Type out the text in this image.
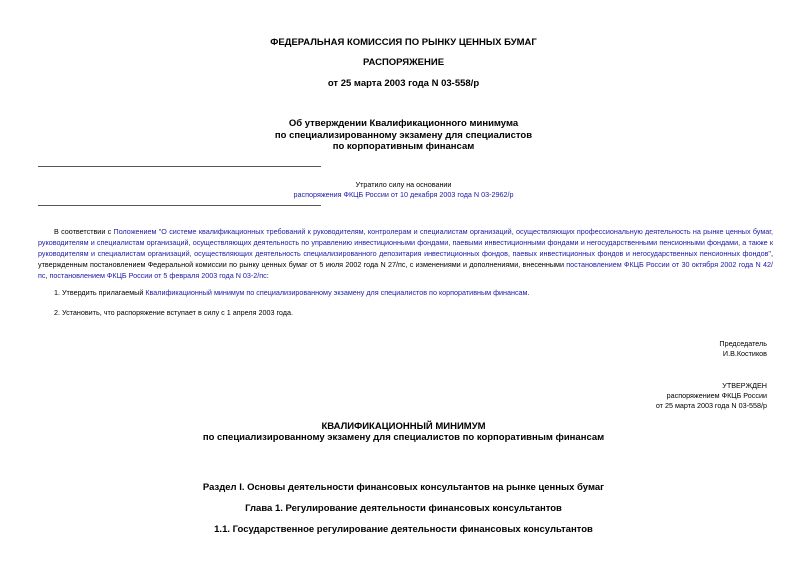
ФЕДЕРАЛЬНАЯ КОМИССИЯ ПО РЫНКУ ЦЕННЫХ БУМАГ
РАСПОРЯЖЕНИЕ
от 25 марта 2003 года N 03-558/р
Об утверждении Квалификационного минимума
по специализированному экзамену для специалистов
по корпоративным финансам
Утратило силу на основании
распоряжения ФКЦБ России от 10 декабря 2003 года N 03-2962/р
В соответствии с Положением "О системе квалификационных требований к руководителям, контролерам и специалистам организаций, осуществляющих профессиональную деятельность на рынке ценных бумаг, руководителям и специалистам организаций, осуществляющих деятельность по управлению инвестиционными фондами, паевыми инвестиционными фондами и негосударственными пенсионными фондами, а также к руководителям и специалистам организаций, осуществляющих деятельность специализированного депозитария инвестиционных фондов, паевых инвестиционных фондов и негосударственных пенсионных фондов", утвержденным постановлением Федеральной комиссии по рынку ценных бумаг от 5 июля 2002 года N 27/пс, с изменениями и дополнениями, внесенными постановлением ФКЦБ России от 30 октября 2002 года N 42/пс, постановлением ФКЦБ России от 5 февраля 2003 года N 03-2/пс:
1. Утвердить прилагаемый Квалификационный минимум по специализированному экзамену для специалистов по корпоративным финансам.
2. Установить, что распоряжение вступает в силу с 1 апреля 2003 года.
Председатель
И.В.Костиков
УТВЕРЖДЕН
распоряжением ФКЦБ России
от 25 марта 2003 года N 03-558/р
КВАЛИФИКАЦИОННЫЙ МИНИМУМ
по специализированному экзамену для специалистов по корпоративным финансам
Раздел I. Основы деятельности финансовых консультантов на рынке ценных бумаг
Глава 1. Регулирование деятельности финансовых консультантов
1.1. Государственное регулирование деятельности финансовых консультантов
